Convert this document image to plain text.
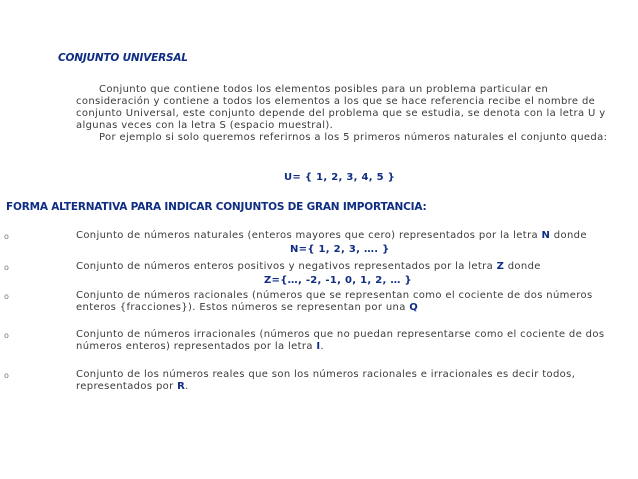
CONJUNTO UNIVERSAL

Conjunto que contiene todos los elementos posibles para un problema particular en consideración y contiene a todos los elementos a los que se hace referencia recibe el nombre de conjunto Universal, este conjunto depende del problema que se estudia, se denota con la letra U y algunas veces con la letra S (espacio muestral).

Por ejemplo si solo queremos referirnos a los 5 primeros números naturales el conjunto queda:

U= { 1, 2, 3, 4, 5 }
FORMA ALTERNATIVA PARA INDICAR CONJUNTOS DE GRAN IMPORTANCIA:
o	Conjunto de números naturales (enteros mayores que cero) representados por la letra N donde

N={ 1, 2, 3, …. }
o	Conjunto de números enteros positivos y negativos representados por la letra Z donde

Z={…, -2, -1, 0, 1, 2, … }
o	Conjunto de números racionales (números que se representan como el cociente de dos números enteros {fracciones}). Estos números se representan por una Q

o	Conjunto de números irracionales (números que no puedan representarse como el cociente de dos números enteros) representados por la letra I.

o	Conjunto de los números reales que son los números racionales e irracionales es decir todos, representados por R.
